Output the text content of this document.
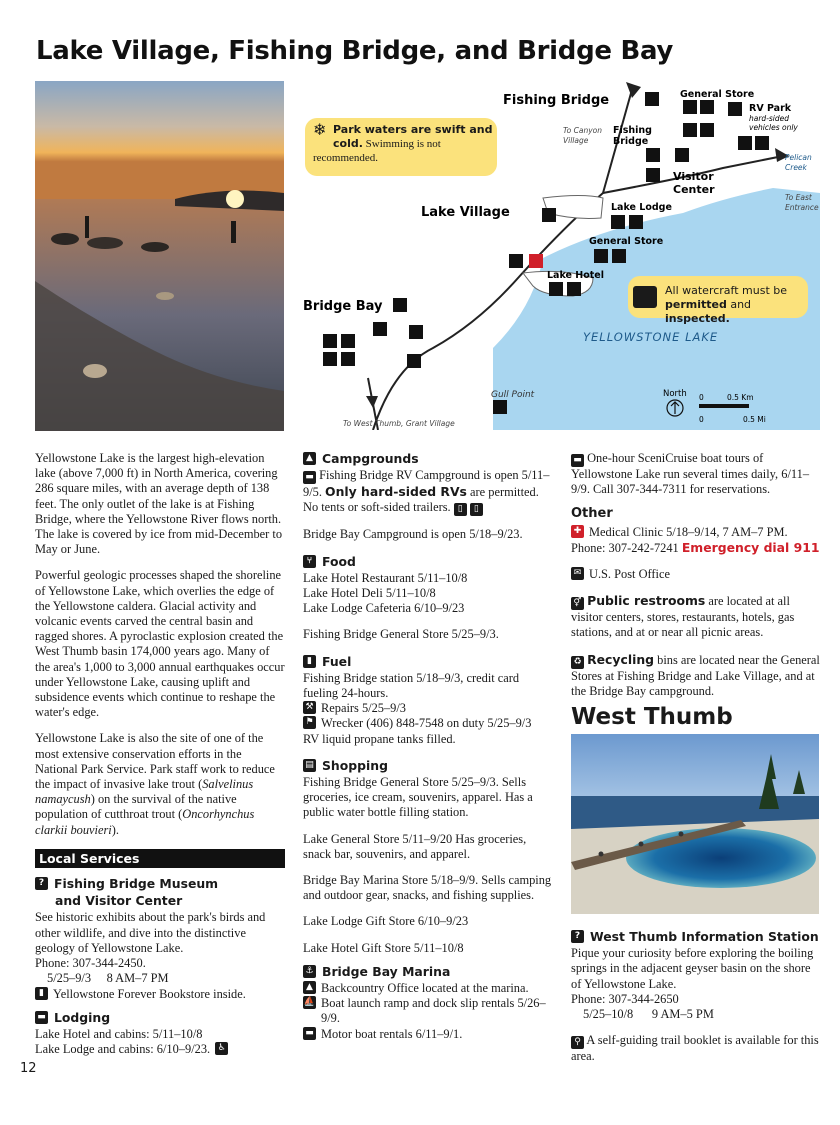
Lake Village, Fishing Bridge, and Bridge Bay
Fishing Bridge
Fishing
Bridge
Lake Village
Bridge Bay
General Store
RV Park
hard-sided
vehicles only
Visitor
Center
Lake Lodge
General Store
Lake Hotel
YELLOWSTONE LAKE
Gull Point
To Canyon
Village
Pelican
Creek
To East
Entrance
To West Thumb, Grant Village
North 0	0.5 Km
0	0.5 Mi
❄ Park waters are swift and cold. Swimming is not recommended.
All watercraft must be
permitted and inspected.

Yellowstone Lake is the largest high-elevation lake (above 7,000 ft) in North America, covering 286 square miles, with an average depth of 138 feet. The only outlet of the lake is at Fishing Bridge, where the Yellowstone River flows north. The lake is covered by ice from mid-December to May or June.

Powerful geologic processes shaped the shoreline of Yellowstone Lake, which overlies the edge of the Yellowstone caldera. Glacial activity and volcanic events carved the central basin and ragged shores. A pyroclastic explosion created the West Thumb basin 174,000 years ago. Many of the area's 1,000 to 3,000 annual earthquakes occur under Yellowstone Lake, causing uplift and subsidence events which continue to reshape the water's edge.

Yellowstone Lake is also the site of one of the most extensive conservation efforts in the National Park Service. Park staff work to reduce the impact of invasive lake trout (Salvelinus namaycush) on the survival of the native population of cutthroat trout (Oncorhynchus clarkii bouvieri).

Local Services
? Fishing Bridge Museum
and Visitor Center
See historic exhibits about the park's birds and other wildlife, and dive into the distinctive geology of Yellowstone Lake.
Phone: 307-344-2450.
5/25–9/3 8 AM–7 PM
▮ Yellowstone Forever Bookstore inside.
▬ Lodging
Lake Hotel and cabins: 5/11–10/8
Lake Lodge and cabins: 6/10–9/23. ♿
▲ Campgrounds

▬ Fishing Bridge RV Campground is open 5/11–9/5. Only hard-sided RVs are permitted. No tents or soft-sided trailers. ▯ ▯

Bridge Bay Campground is open 5/18–9/23.

⑂ Food
Lake Hotel Restaurant 5/11–10/8
Lake Hotel Deli 5/11–10/8

Lake Lodge Cafeteria 6/10–9/23

Fishing Bridge General Store 5/25–9/3.

▮ Fuel
Fishing Bridge station 5/18–9/3, credit card fueling 24-hours.
⚒ Repairs 5/25–9/3
⚑ Wrecker (406) 848-7548 on duty 5/25–9/3

RV liquid propane tanks filled.

▤ Shopping

Fishing Bridge General Store 5/25–9/3. Sells groceries, ice cream, souvenirs, apparel. Has a public water bottle filling station.

Lake General Store 5/11–9/20 Has groceries, snack bar, souvenirs, and apparel.

Bridge Bay Marina Store 5/18–9/9. Sells camping and outdoor gear, snacks, and fishing supplies.

Lake Lodge Gift Store 6/10–9/23

Lake Hotel Gift Store 5/11–10/8

⚓ Bridge Bay Marina
▲ Backcountry Office located at the marina.
⛵ Boat launch ramp and dock slip rentals 5/26–9/9.
▬ Motor boat rentals 6/11–9/1.

▬ One-hour SceniCruise boat tours of Yellowstone Lake run several times daily, 6/11–9/9. Call 307-344-7311 for reservations.

Other
✚ Medical Clinic 5/18–9/14, 7 AM–7 PM.

Phone: 307-242-7241 Emergency dial 911

✉ U.S. Post Office

⚥ Public restrooms are located at all visitor centers, stores, restaurants, hotels, gas stations, and at or near all picnic areas.

♻ Recycling bins are located near the General Stores at Fishing Bridge and Lake Village, and at the Bridge Bay campground.

West Thumb
? West Thumb Information Station
Pique your curiosity before exploring the boiling springs in the adjacent geyser basin on the shore of Yellowstone Lake.
Phone: 307-344-2650

5/25–10/8 9 AM–5 PM

⚲ A self-guiding trail booklet is available for this area.
12
